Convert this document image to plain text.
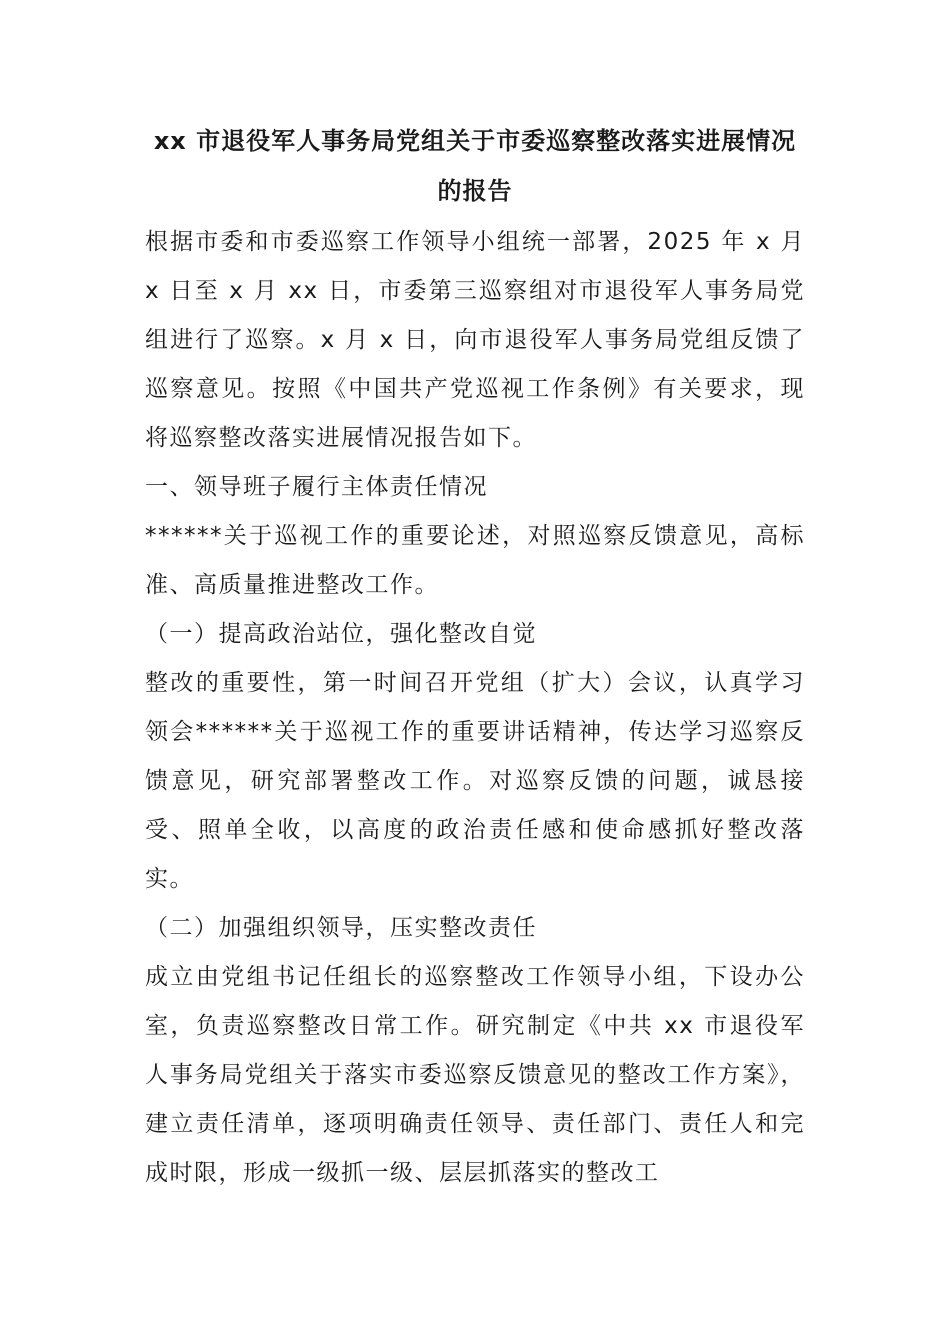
xx 市退役军人事务局党组关于市委巡察整改落实进展情况的报告

根据市委和市委巡察工作领导小组统一部署，2025 年 x 月 x 日至 x 月 xx 日，市委第三巡察组对市退役军人事务局党组进行了巡察。x 月 x 日，向市退役军人事务局党组反馈了巡察意见。按照《中国共产党巡视工作条例》有关要求，现将巡察整改落实进展情况报告如下。

一、领导班子履行主体责任情况

******关于巡视工作的重要论述，对照巡察反馈意见，高标准、高质量推进整改工作。

（一）提高政治站位，强化整改自觉

整改的重要性，第一时间召开党组（扩大）会议，认真学习领会******关于巡视工作的重要讲话精神，传达学习巡察反馈意见，研究部署整改工作。对巡察反馈的问题，诚恳接受、照单全收，以高度的政治责任感和使命感抓好整改落实。

（二）加强组织领导，压实整改责任

成立由党组书记任组长的巡察整改工作领导小组，下设办公室，负责巡察整改日常工作。研究制定《中共 xx 市退役军人事务局党组关于落实市委巡察反馈意见的整改工作方案》，建立责任清单，逐项明确责任领导、责任部门、责任人和完成时限，形成一级抓一级、层层抓落实的整改工
